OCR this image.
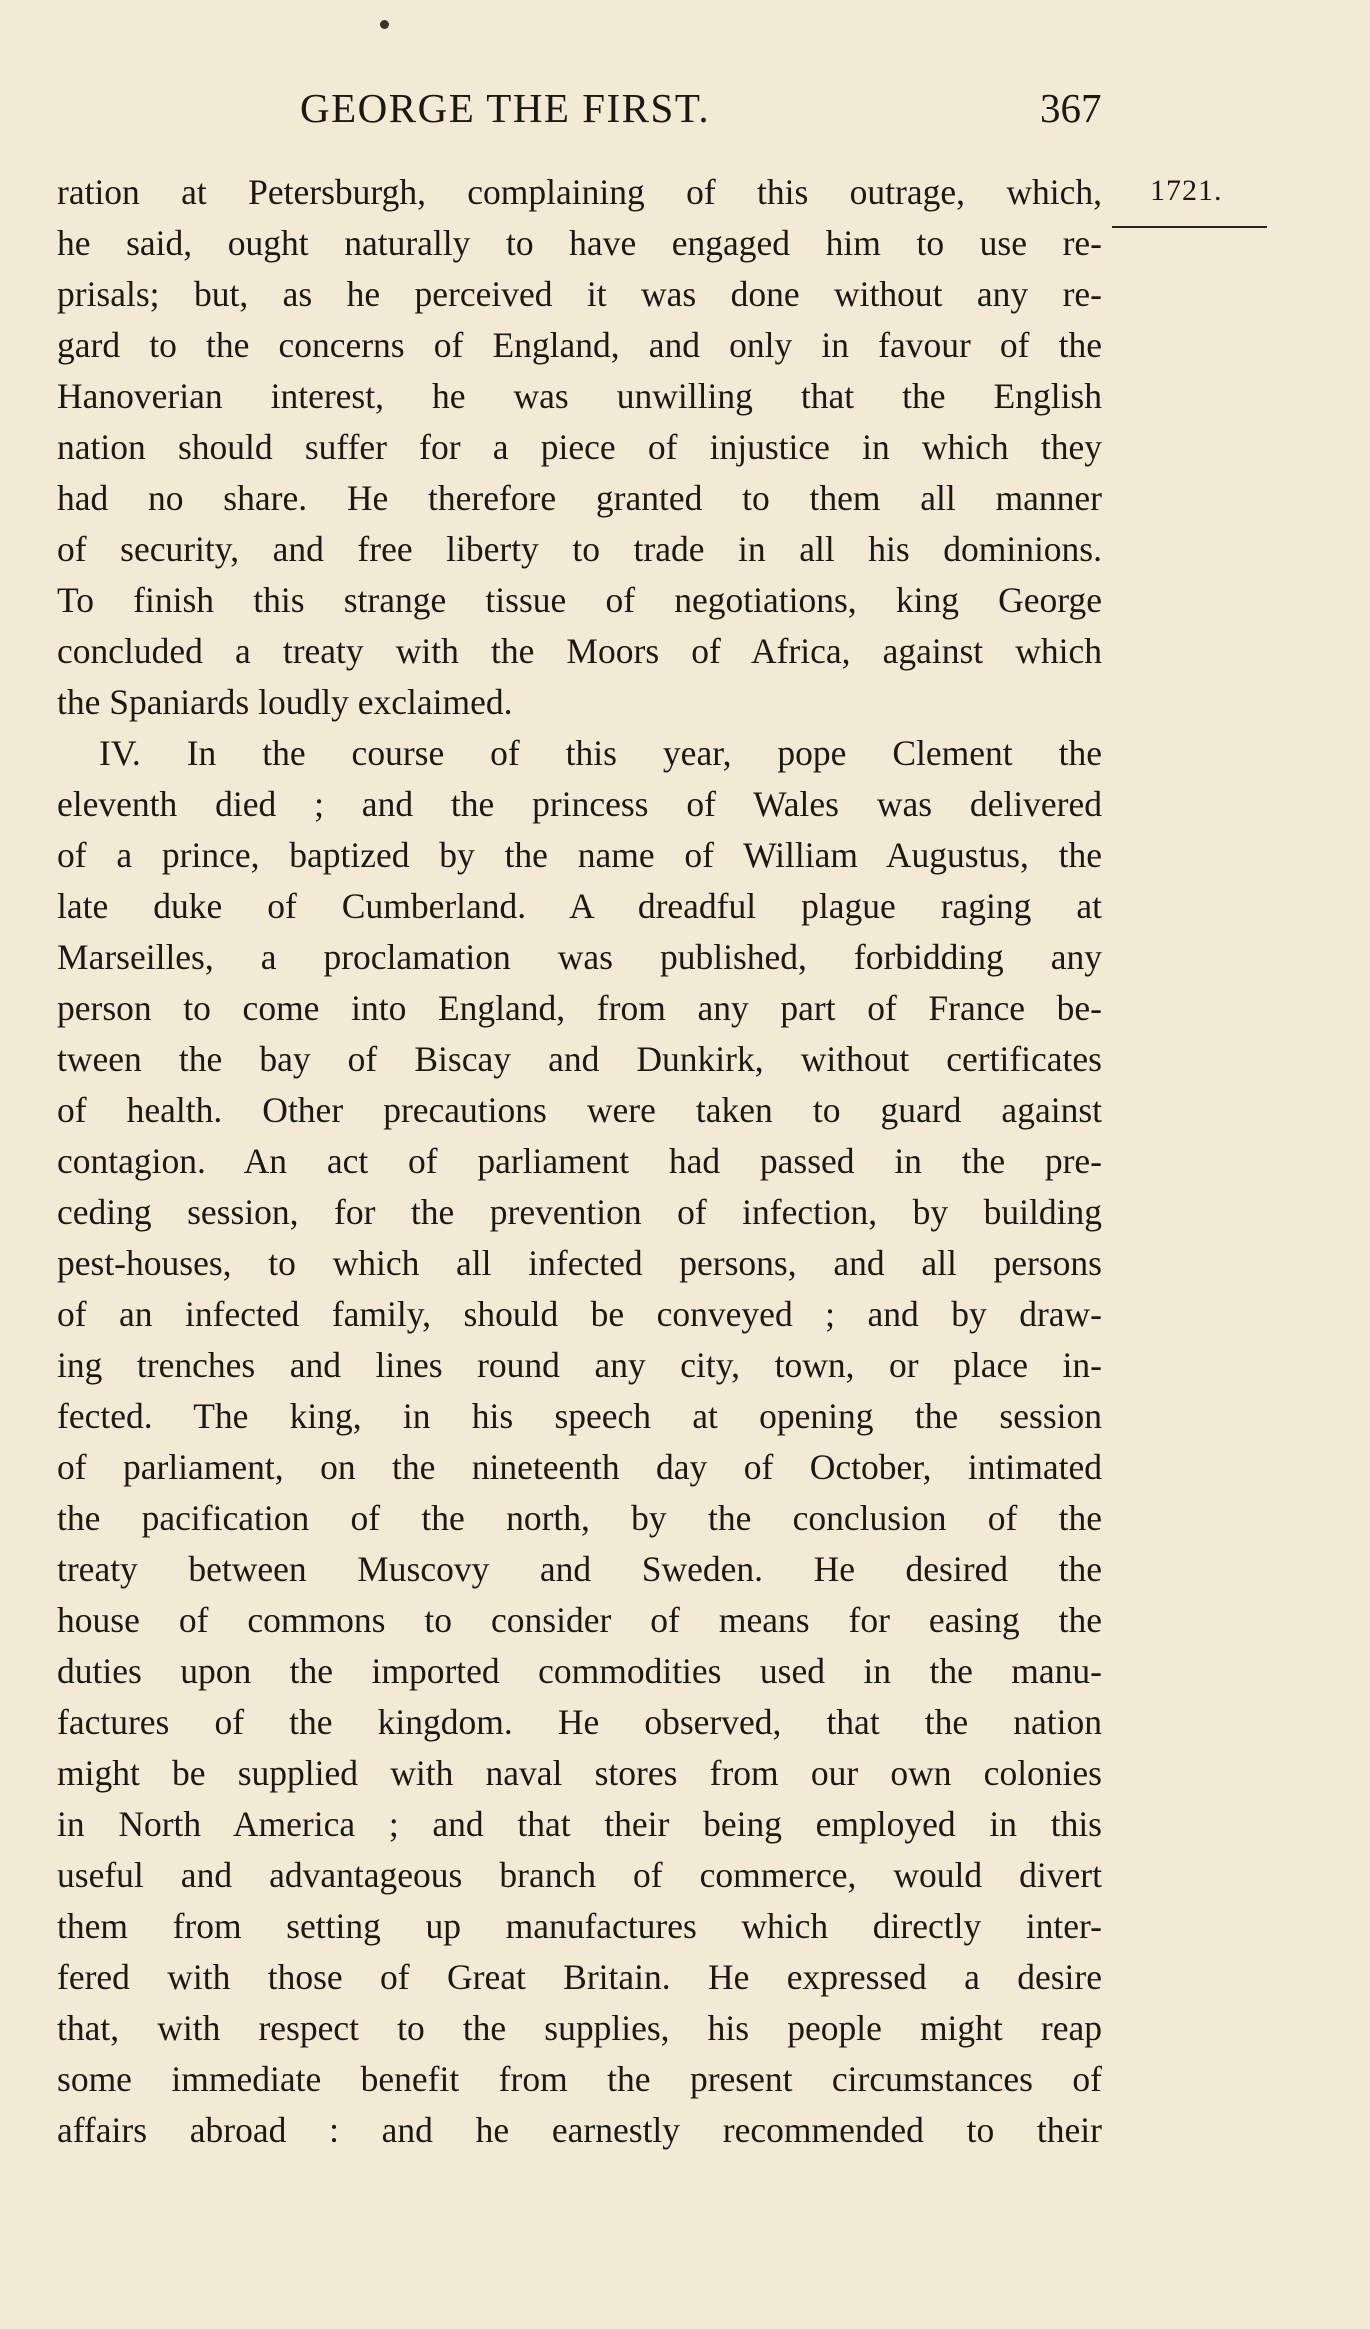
GEORGE THE FIRST.	367
1721.
ration at Petersburgh, complaining of this outrage, which,
he said, ought naturally to have engaged him to use re-
prisals; but, as he perceived it was done without any re-
gard to the concerns of England, and only in favour of the
Hanoverian interest, he was unwilling that the English
nation should suffer for a piece of injustice in which they
had no share. He therefore granted to them all manner
of security, and free liberty to trade in all his dominions.
To finish this strange tissue of negotiations, king George
concluded a treaty with the Moors of Africa, against which
the Spaniards loudly exclaimed.
IV. In the course of this year, pope Clement the
eleventh died ; and the princess of Wales was delivered
of a prince, baptized by the name of William Augustus, the
late duke of Cumberland. A dreadful plague raging at
Marseilles, a proclamation was published, forbidding any
person to come into England, from any part of France be-
tween the bay of Biscay and Dunkirk, without certificates
of health. Other precautions were taken to guard against
contagion. An act of parliament had passed in the pre-
ceding session, for the prevention of infection, by building
pest-houses, to which all infected persons, and all persons
of an infected family, should be conveyed ; and by draw-
ing trenches and lines round any city, town, or place in-
fected. The king, in his speech at opening the session
of parliament, on the nineteenth day of October, intimated
the pacification of the north, by the conclusion of the
treaty between Muscovy and Sweden. He desired the
house of commons to consider of means for easing the
duties upon the imported commodities used in the manu-
factures of the kingdom. He observed, that the nation
might be supplied with naval stores from our own colonies
in North America ; and that their being employed in this
useful and advantageous branch of commerce, would divert
them from setting up manufactures which directly inter-
fered with those of Great Britain. He expressed a desire
that, with respect to the supplies, his people might reap
some immediate benefit from the present circumstances of
affairs abroad : and he earnestly recommended to their
